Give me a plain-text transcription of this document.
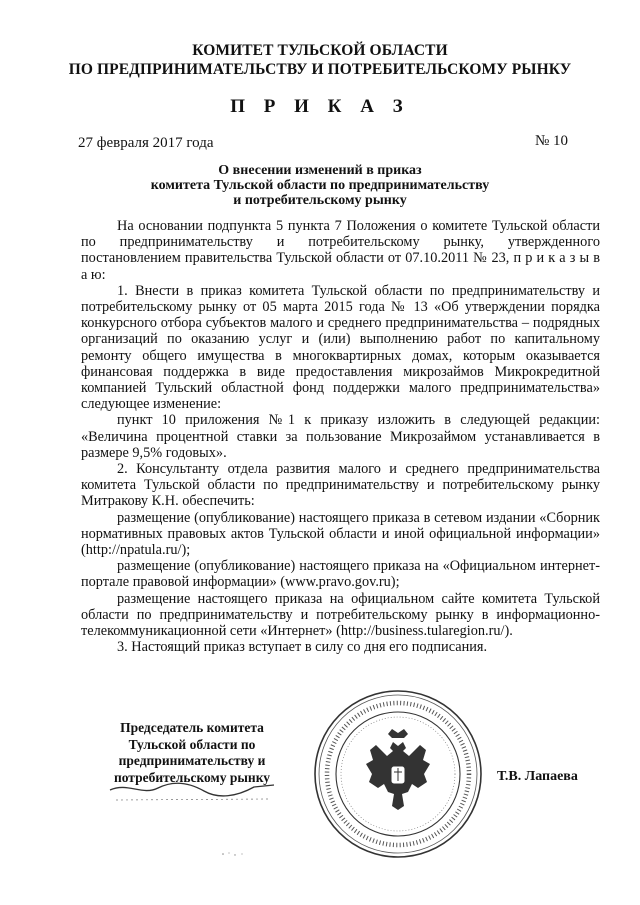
КОМИТЕТ ТУЛЬСКОЙ ОБЛАСТИ
ПО ПРЕДПРИНИМАТЕЛЬСТВУ И ПОТРЕБИТЕЛЬСКОМУ РЫНКУ
П Р И К А З
27 февраля 2017 года	№ 10
О внесении изменений в приказ
комитета Тульской области по предпринимательству
и потребительскому рынку

На основании подпункта 5 пункта 7 Положения о комитете Тульской области по предпринимательству и потребительскому рынку, утвержденного постановлением правительства Тульской области от 07.10.2011 № 23, п р и к а з ы в а ю:

1. Внести в приказ комитета Тульской области по предпринимательству и потребительскому рынку от 05 марта 2015 года № 13 «Об утверждении порядка конкурсного отбора субъектов малого и среднего предпринимательства – подрядных организаций по оказанию услуг и (или) выполнению работ по капитальному ремонту общего имущества в многоквартирных домах, которым оказывается финансовая поддержка в виде предоставления микрозаймов Микрокредитной компанией Тульский областной фонд поддержки малого предпринимательства» следующее изменение:

пункт 10 приложения №1 к приказу изложить в следующей редакции: «Величина процентной ставки за пользование Микрозаймом устанавливается в размере 9,5% годовых».

2. Консультанту отдела развития малого и среднего предпринимательства комитета Тульской области по предпринимательству и потребительскому рынку Митракову К.Н. обеспечить:

размещение (опубликование) настоящего приказа в сетевом издании «Сборник нормативных правовых актов Тульской области и иной официальной информации» (http://npatula.ru/);

размещение (опубликование) настоящего приказа на «Официальном интернет-портале правовой информации» (www.pravo.gov.ru);

размещение настоящего приказа на официальном сайте комитета Тульской области по предпринимательству и потребительскому рынку в информационно-телекоммуникационной сети «Интернет» (http://business.tularegion.ru/).

3. Настоящий приказ вступает в силу со дня его подписания.

Председатель комитета
Тульской области по
предпринимательству и
потребительскому рынку	Т.В. Лапаева
